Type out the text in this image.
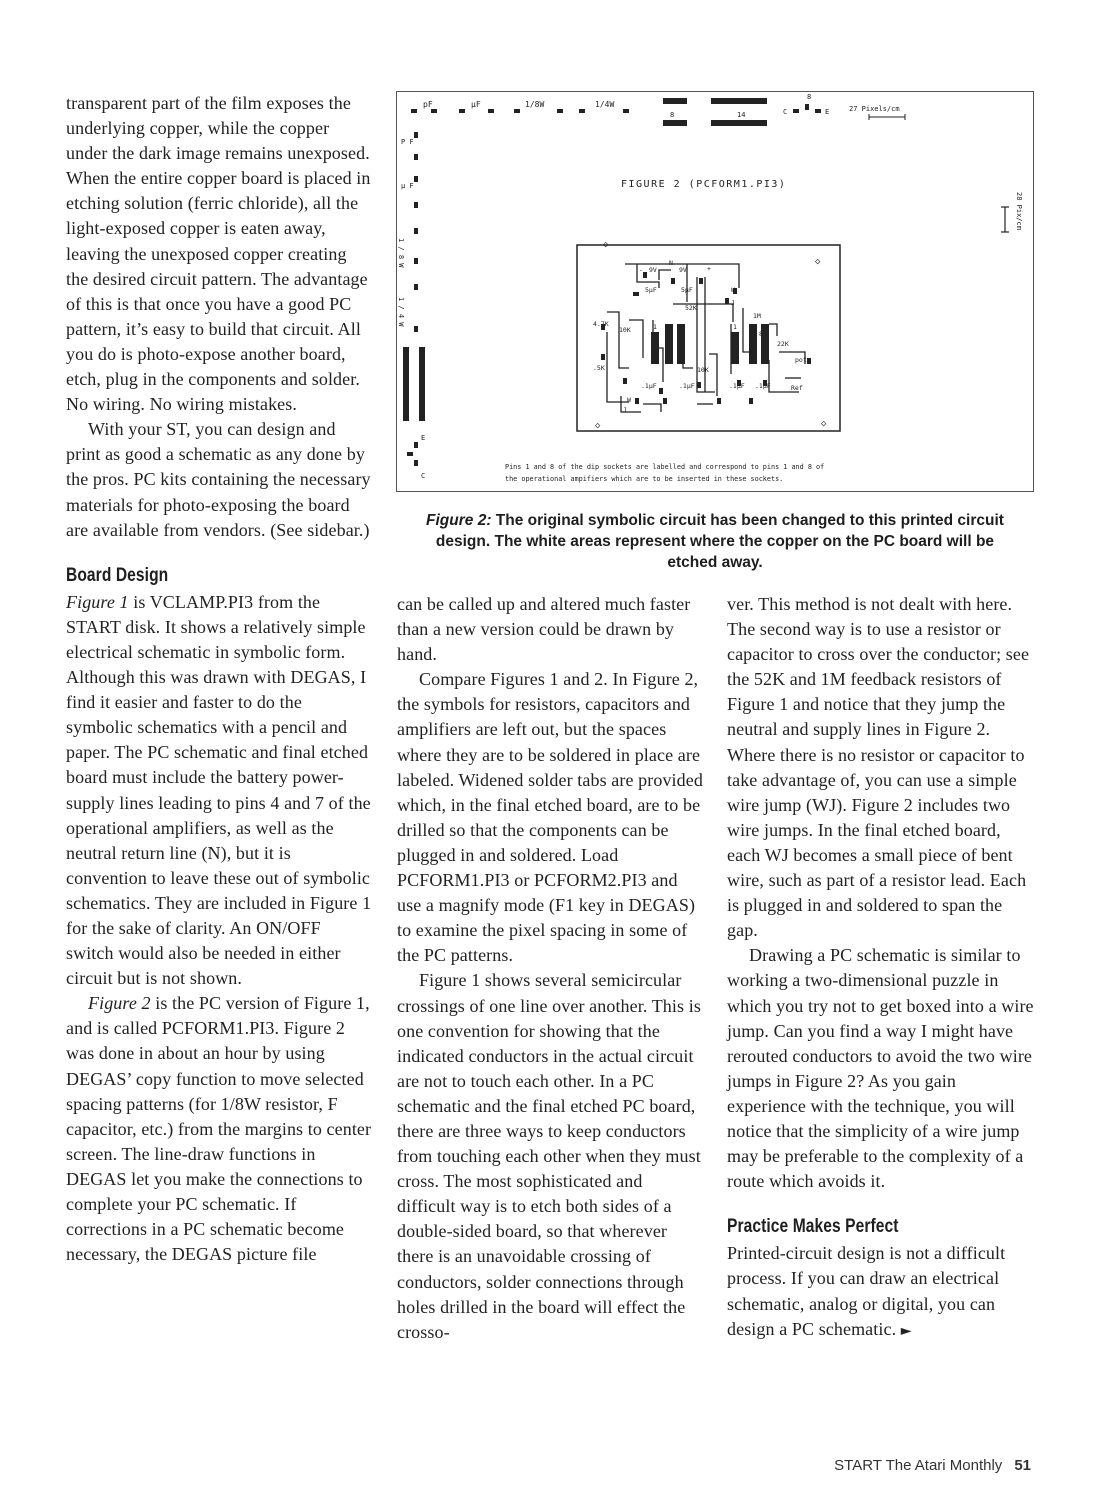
transparent part of the film exposes the underlying copper, while the copper under the dark image remains unexposed. When the entire copper board is placed in etching solution (ferric chloride), all the light-exposed copper is eaten away, leaving the unexposed copper creating the desired circuit pattern. The advantage of this is that once you have a good PC pattern, it’s easy to build that circuit. All you do is photo-expose another board, etch, plug in the components and solder. No wiring. No wiring mistakes.

With your ST, you can design and print as good a schematic as any done by the pros. PC kits containing the necessary materials for photo-exposing the board are available from vendors. (See sidebar.)

Board Design

Figure 1 is VCLAMP.PI3 from the START disk. It shows a relatively simple electrical schematic in symbolic form. Although this was drawn with DEGAS, I find it easier and faster to do the symbolic schematics with a pencil and paper. The PC schematic and final etched board must include the battery power-supply lines leading to pins 4 and 7 of the operational amplifiers, as well as the neutral return line (N), but it is convention to leave these out of symbolic schematics. They are included in Figure 1 for the sake of clarity. An ON/OFF switch would also be needed in either circuit but is not shown.

Figure 2 is the PC version of Figure 1, and is called PCFORM1.PI3. Figure 2 was done in about an hour by using DEGAS’ copy function to move selected spacing patterns (for 1/8W resistor, F capacitor, etc.) from the margins to center screen. The line-draw functions in DEGAS let you make the connections to complete your PC schematic. If corrections in a PC schematic become necessary, the DEGAS picture file

pF	μF	1/8W	1/4W
8	14
8
C	E	27 Pixels/cm
P F
μ F
1 / 8 W
1 / 4 W
E
C
28 Pix/cm
FIGURE 2 (PCFORM1.PI3)
◇
◇
◇	◇
9V
N
9V	+
5μF	5μF	W
52K
J
1M
4.7K
10K	1
8	8
1
22K
pot
10K
.5K
.1μF	.1μF	.1μF .1μF	Ref
W
J
-
Pins 1 and 8 of the dip sockets are labelled and correspond to pins 1 and 8 of
the operational ampifiers which are to be inserted in these sockets.
Figure 2: The original symbolic circuit has been changed to this printed circuit design. The white areas represent where the copper on the PC board will be etched away.

can be called up and altered much faster than a new version could be drawn by hand.

Compare Figures 1 and 2. In Figure 2, the symbols for resistors, capacitors and amplifiers are left out, but the spaces where they are to be soldered in place are labeled. Widened solder tabs are provided which, in the final etched board, are to be drilled so that the components can be plugged in and soldered. Load PCFORM1.PI3 or PCFORM2.PI3 and use a magnify mode (F1 key in DEGAS) to examine the pixel spacing in some of the PC patterns.

Figure 1 shows several semicircular crossings of one line over another. This is one convention for showing that the indicated conductors in the actual circuit are not to touch each other. In a PC schematic and the final etched PC board, there are three ways to keep conductors from touching each other when they must cross. The most sophisticated and difficult way is to etch both sides of a double-sided board, so that wherever there is an unavoidable crossing of conductors, solder connections through holes drilled in the board will effect the crosso-

ver. This method is not dealt with here. The second way is to use a resistor or capacitor to cross over the conductor; see the 52K and 1M feedback resistors of Figure 1 and notice that they jump the neutral and supply lines in Figure 2. Where there is no resistor or capacitor to take advantage of, you can use a simple wire jump (WJ). Figure 2 includes two wire jumps. In the final etched board, each WJ becomes a small piece of bent wire, such as part of a resistor lead. Each is plugged in and soldered to span the gap.

Drawing a PC schematic is similar to working a two-dimensional puzzle in which you try not to get boxed into a wire jump. Can you find a way I might have rerouted conductors to avoid the two wire jumps in Figure 2? As you gain experience with the technique, you will notice that the simplicity of a wire jump may be preferable to the complexity of a route which avoids it.

Practice Makes Perfect

Printed-circuit design is not a difficult process. If you can draw an electrical schematic, analog or digital, you can design a PC schematic. ►

START The Atari Monthly 51
